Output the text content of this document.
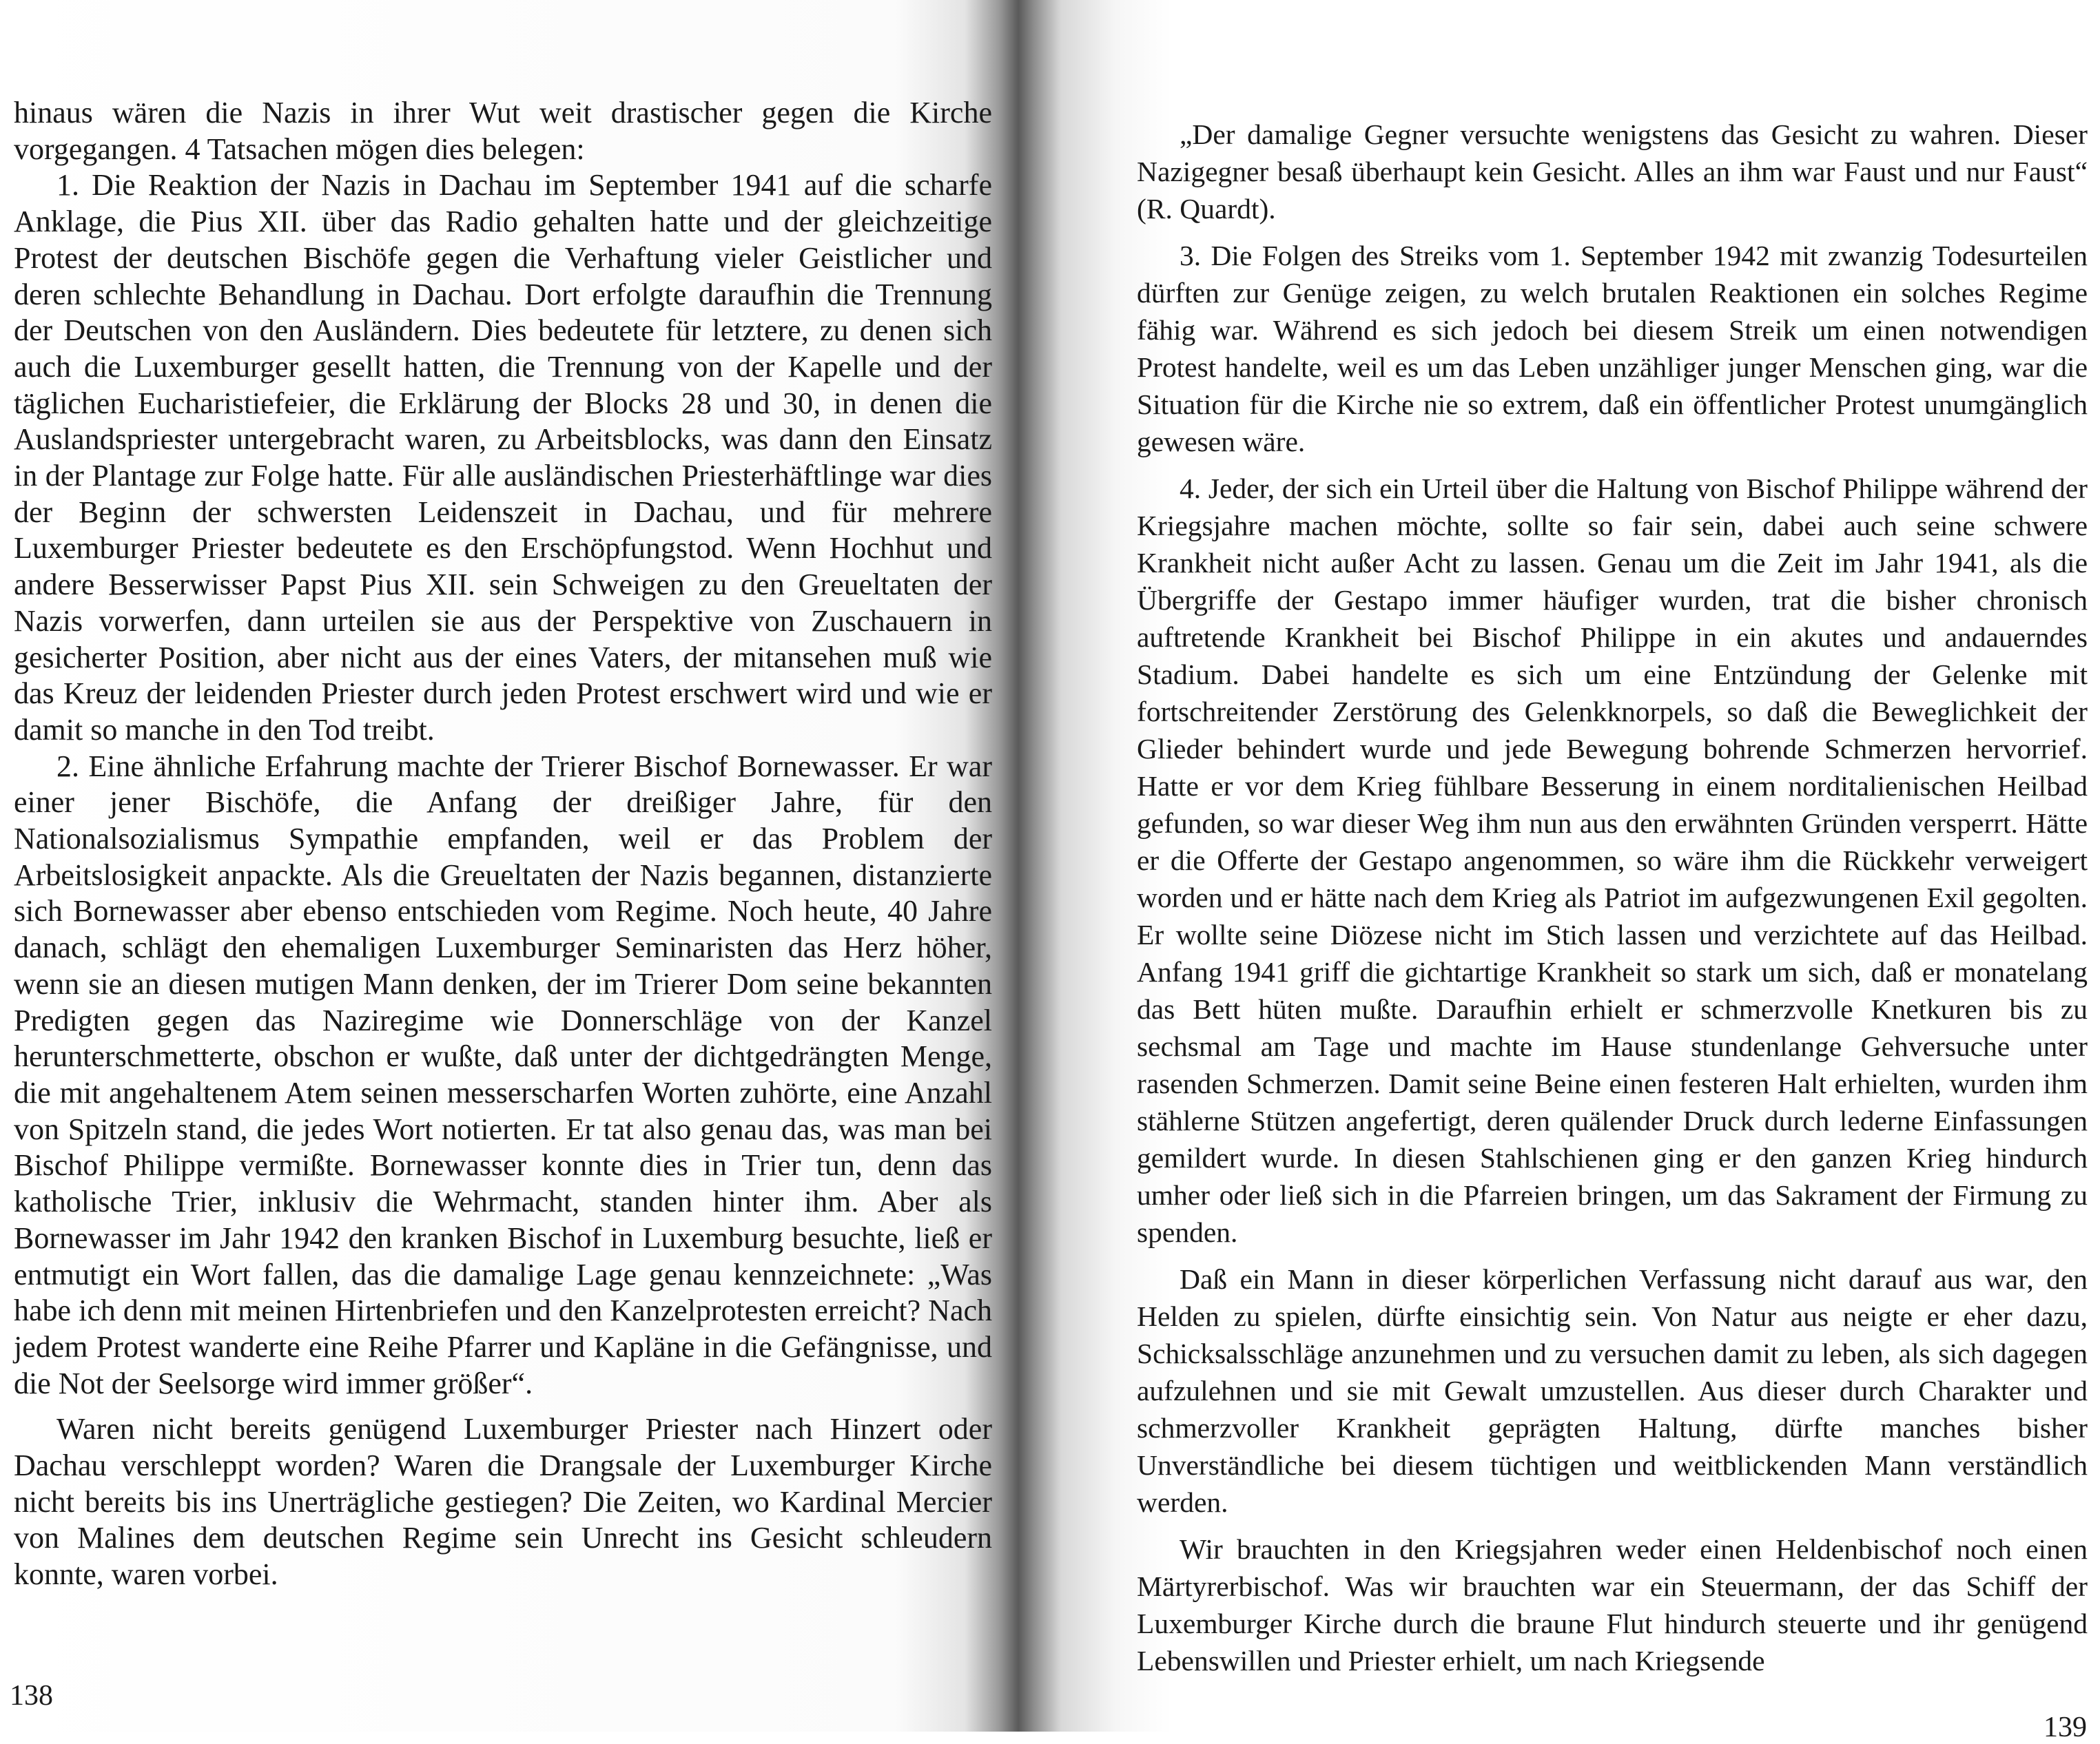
hinaus wären die Nazis in ihrer Wut weit drastischer gegen die Kirche vorgegangen. 4 Tatsachen mögen dies belegen:

1. Die Reaktion der Nazis in Dachau im September 1941 auf die scharfe Anklage, die Pius XII. über das Radio gehalten hatte und der gleichzeitige Protest der deutschen Bischöfe gegen die Verhaftung vieler Geistlicher und deren schlechte Behandlung in Dachau. Dort erfolgte daraufhin die Trennung der Deutschen von den Ausländern. Dies bedeutete für letztere, zu denen sich auch die Luxemburger gesellt hatten, die Trennung von der Kapelle und der täglichen Eucharistiefeier, die Erklärung der Blocks 28 und 30, in denen die Auslandspriester untergebracht waren, zu Arbeitsblocks, was dann den Einsatz in der Plantage zur Folge hatte. Für alle ausländischen Priesterhäftlinge war dies der Beginn der schwersten Leidenszeit in Dachau, und für mehrere Luxemburger Priester bedeutete es den Erschöpfungstod. Wenn Hochhut und andere Besserwisser Papst Pius XII. sein Schweigen zu den Greueltaten der Nazis vorwerfen, dann urteilen sie aus der Perspektive von Zuschauern in gesicherter Position, aber nicht aus der eines Vaters, der mitansehen muß wie das Kreuz der leidenden Priester durch jeden Protest erschwert wird und wie er damit so manche in den Tod treibt.

2. Eine ähnliche Erfahrung machte der Trierer Bischof Bornewasser. Er war einer jener Bischöfe, die Anfang der dreißiger Jahre, für den Nationalsozialismus Sympathie empfanden, weil er das Problem der Arbeitslosigkeit anpackte. Als die Greueltaten der Nazis begannen, distanzierte sich Bornewasser aber ebenso entschieden vom Regime. Noch heute, 40 Jahre danach, schlägt den ehemaligen Luxemburger Seminaristen das Herz höher, wenn sie an diesen mutigen Mann denken, der im Trierer Dom seine bekannten Predigten gegen das Naziregime wie Donnerschläge von der Kanzel herunterschmetterte, obschon er wußte, daß unter der dichtgedrängten Menge, die mit angehaltenem Atem seinen messerscharfen Worten zuhörte, eine Anzahl von Spitzeln stand, die jedes Wort notierten. Er tat also genau das, was man bei Bischof Philippe vermißte. Bornewasser konnte dies in Trier tun, denn das katholische Trier, inklusiv die Wehrmacht, standen hinter ihm. Aber als Bornewasser im Jahr 1942 den kranken Bischof in Luxemburg besuchte, ließ er entmutigt ein Wort fallen, das die damalige Lage genau kennzeichnete: „Was habe ich denn mit meinen Hirtenbriefen und den Kanzelprotesten erreicht? Nach jedem Protest wanderte eine Reihe Pfarrer und Kapläne in die Gefängnisse, und die Not der Seelsorge wird immer größer“.

Waren nicht bereits genügend Luxemburger Priester nach Hinzert oder Dachau verschleppt worden? Waren die Drangsale der Luxemburger Kirche nicht bereits bis ins Unerträgliche gestiegen? Die Zeiten, wo Kardinal Mercier von Malines dem deutschen Regime sein Unrecht ins Gesicht schleudern konnte, waren vorbei.

138

„Der damalige Gegner versuchte wenigstens das Gesicht zu wahren. Dieser Nazigegner besaß überhaupt kein Gesicht. Alles an ihm war Faust und nur Faust“ (R. Quardt).

3. Die Folgen des Streiks vom 1. September 1942 mit zwanzig Todesurteilen dürften zur Genüge zeigen, zu welch brutalen Reaktionen ein solches Regime fähig war. Während es sich jedoch bei diesem Streik um einen notwendigen Protest handelte, weil es um das Leben unzähliger junger Menschen ging, war die Situation für die Kirche nie so extrem, daß ein öffentlicher Protest unumgänglich gewesen wäre.

4. Jeder, der sich ein Urteil über die Haltung von Bischof Philippe während der Kriegsjahre machen möchte, sollte so fair sein, dabei auch seine schwere Krankheit nicht außer Acht zu lassen. Genau um die Zeit im Jahr 1941, als die Übergriffe der Gestapo immer häufiger wurden, trat die bisher chronisch auftretende Krankheit bei Bischof Philippe in ein akutes und andauerndes Stadium. Dabei handelte es sich um eine Entzündung der Gelenke mit fortschreitender Zerstörung des Gelenkknorpels, so daß die Beweglichkeit der Glieder behindert wurde und jede Bewegung bohrende Schmerzen hervorrief. Hatte er vor dem Krieg fühlbare Besserung in einem norditalienischen Heilbad gefunden, so war dieser Weg ihm nun aus den erwähnten Gründen versperrt. Hätte er die Offerte der Gestapo angenommen, so wäre ihm die Rückkehr verweigert worden und er hätte nach dem Krieg als Patriot im aufgezwungenen Exil gegolten. Er wollte seine Diözese nicht im Stich lassen und verzichtete auf das Heilbad. Anfang 1941 griff die gichtartige Krankheit so stark um sich, daß er monatelang das Bett hüten mußte. Daraufhin erhielt er schmerzvolle Knetkuren bis zu sechsmal am Tage und machte im Hause stundenlange Gehversuche unter rasenden Schmerzen. Damit seine Beine einen festeren Halt erhielten, wurden ihm stählerne Stützen angefertigt, deren quälender Druck durch lederne Einfassungen gemildert wurde. In diesen Stahlschienen ging er den ganzen Krieg hindurch umher oder ließ sich in die Pfarreien bringen, um das Sakrament der Firmung zu spenden.

Daß ein Mann in dieser körperlichen Verfassung nicht darauf aus war, den Helden zu spielen, dürfte einsichtig sein. Von Natur aus neigte er eher dazu, Schicksalsschläge anzunehmen und zu versuchen damit zu leben, als sich dagegen aufzulehnen und sie mit Gewalt umzustellen. Aus dieser durch Charakter und schmerzvoller Krankheit geprägten Haltung, dürfte manches bisher Unverständliche bei diesem tüchtigen und weitblickenden Mann verständlich werden.

Wir brauchten in den Kriegsjahren weder einen Heldenbischof noch einen Märtyrerbischof. Was wir brauchten war ein Steuermann, der das Schiff der Luxemburger Kirche durch die braune Flut hindurch steuerte und ihr genügend Lebenswillen und Priester erhielt, um nach Kriegsende

139
